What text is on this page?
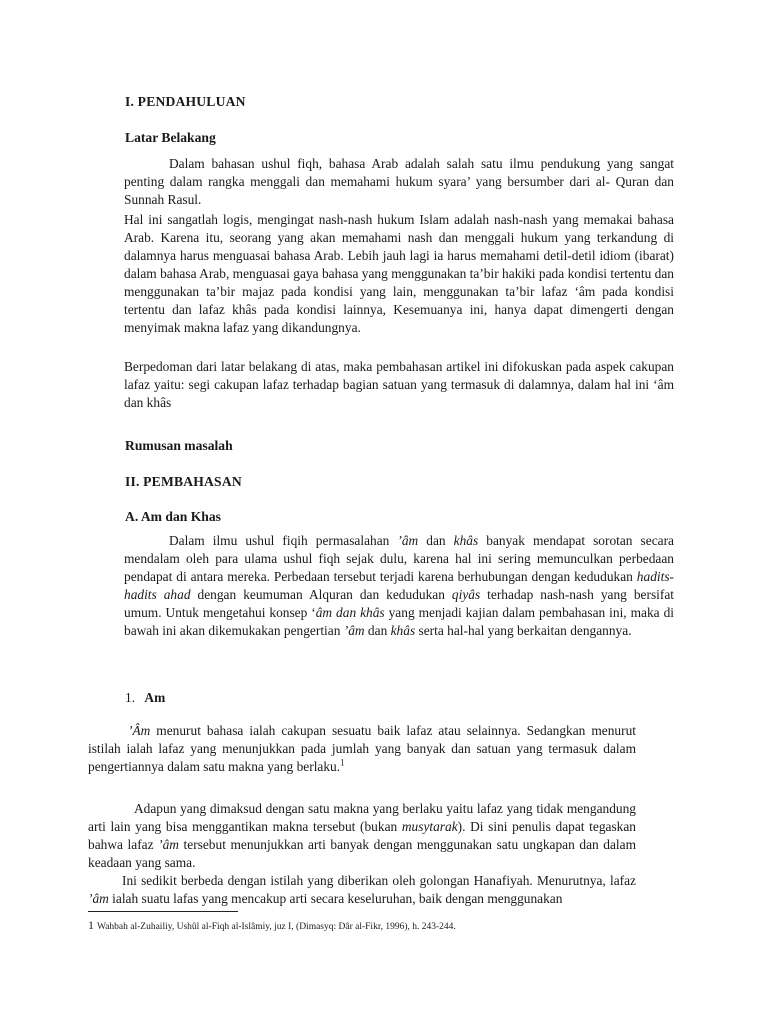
I. PENDAHULUAN
Latar Belakang
Dalam bahasan ushul fiqh, bahasa Arab adalah salah satu ilmu pendukung yang sangat penting dalam rangka menggali dan memahami hukum syara’ yang bersumber dari al- Quran dan Sunnah Rasul.
Hal ini sangatlah logis, mengingat nash-nash hukum Islam adalah nash-nash yang memakai bahasa Arab. Karena itu, seorang yang akan memahami nash dan menggali hukum yang terkandung di dalamnya harus menguasai bahasa Arab. Lebih jauh lagi ia harus memahami detil-detil idiom (ibarat) dalam bahasa Arab, menguasai gaya bahasa yang menggunakan ta’bir hakiki pada kondisi tertentu dan menggunakan ta’bir majaz pada kondisi yang lain, menggunakan ta’bir lafaz ‘âm pada kondisi tertentu dan lafaz khâs pada kondisi lainnya, Kesemuanya ini, hanya dapat dimengerti dengan menyimak makna lafaz yang dikandungnya.
Berpedoman dari latar belakang di atas, maka pembahasan artikel ini difokuskan pada aspek cakupan lafaz yaitu: segi cakupan lafaz terhadap bagian satuan yang termasuk di dalamnya, dalam hal ini ‘âm dan khâs
Rumusan masalah
II. PEMBAHASAN
A. Am dan Khas
Dalam ilmu ushul fiqih permasalahan ’âm dan khâs banyak mendapat sorotan secara mendalam oleh para ulama ushul fiqh sejak dulu, karena hal ini sering memunculkan perbedaan pendapat di antara mereka. Perbedaan tersebut terjadi karena berhubungan dengan kedudukan hadits-hadits ahad dengan keumuman Alquran dan kedudukan qiyâs terhadap nash-nash yang bersifat umum. Untuk mengetahui konsep ‘âm dan khâs yang menjadi kajian dalam pembahasan ini, maka di bawah ini akan dikemukakan pengertian ’âm dan khâs serta hal-hal yang berkaitan dengannya.
1. Am
’Âm menurut bahasa ialah cakupan sesuatu baik lafaz atau selainnya. Sedangkan menurut istilah ialah lafaz yang menunjukkan pada jumlah yang banyak dan satuan yang termasuk dalam pengertiannya dalam satu makna yang berlaku.$^1$
Adapun yang dimaksud dengan satu makna yang berlaku yaitu lafaz yang tidak mengandung arti lain yang bisa menggantikan makna tersebut (bukan musytarak). Di sini penulis dapat tegaskan bahwa lafaz ’âm tersebut menunjukkan arti banyak dengan menggunakan satu ungkapan dan dalam keadaan yang sama.
Ini sedikit berbeda dengan istilah yang diberikan oleh golongan Hanafiyah. Menurutnya, lafaz ’âm ialah suatu lafas yang mencakup arti secara keseluruhan, baik dengan menggunakan
1 Wahbah al-Zuhailiy, Ushûl al-Fiqh al-Islâmiy, juz I, (Dimasyq: Dâr al-Fikr, 1996), h. 243-244.
